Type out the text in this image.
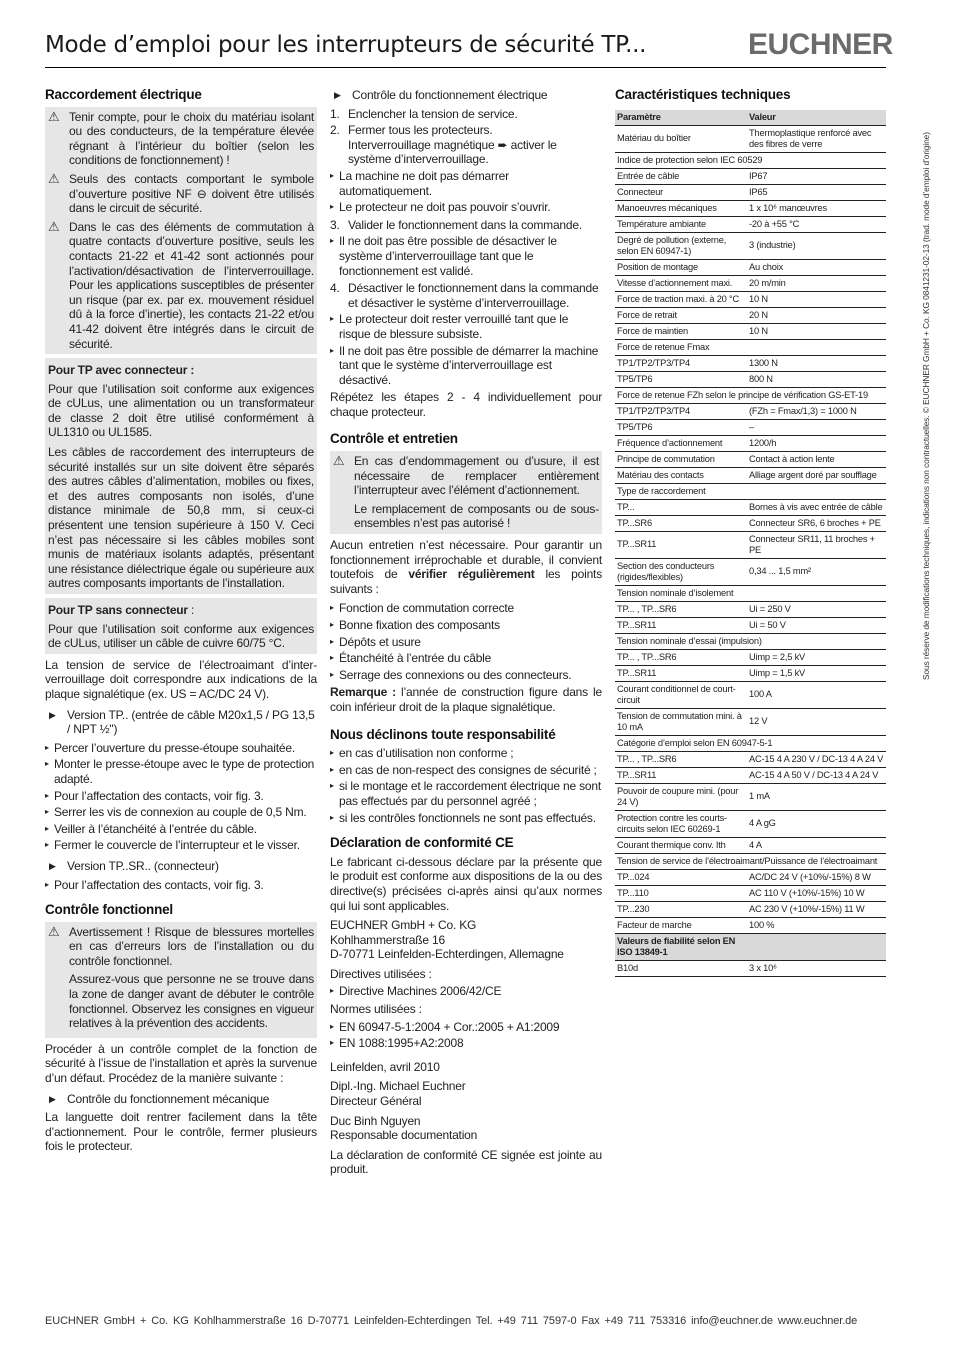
Mode d’emploi pour les interrupteurs de sécurité TP...	EUCHNER
Raccordement électrique
⚠ Tenir compte, pour le choix du matériau isolant ou des conducteurs, de la température élevée régnant à l’intérieur du boîtier (selon les conditions de fonctionnement) !
⚠ Seuls des contacts comportant le symbole d’ouverture positive NF ⊖ doivent être utilisés dans le circuit de sécurité.
⚠ Dans le cas des éléments de commutation à quatre contacts d’ouverture positive, seuls les contacts 21-22 et 41-42 sont actionnés pour l’activation/désactivation de l’interverrouillage. Pour les applications susceptibles de présenter un risque (par ex. par ex. mouvement résiduel dû à la force d’inertie), les contacts 21-22 et/ou 41-42 doivent être intégrés dans le circuit de sécurité.
Pour TP avec connecteur :

Pour que l’utilisation soit conforme aux exigences de cULus, une alimentation ou un transformateur de classe 2 doit être utilisé conformément à UL1310 ou UL1585.

Les câbles de raccordement des interrupteurs de sécurité installés sur un site doivent être séparés des autres câbles d’alimentation, mobiles ou fixes, et des autres composants non isolés, d’une distance minimale de 50,8 mm, si ceux-ci présentent une tension supérieure à 150 V. Ceci n’est pas nécessaire si les câbles mobiles sont munis de matériaux isolants adaptés, présentant une résistance diélectrique égale ou supérieure aux autres composants importants de l’installation.

Pour TP sans connecteur :

Pour que l’utilisation soit conforme aux exigences de cULus, utiliser un câble de cuivre 60/75 °C.

La tension de service de l’électroaimant d’inter-verrouillage doit correspondre aux indications de la plaque signalétique (ex. US = AC/DC 24 V).

▶ Version TP.. (entrée de câble M20x1,5 / PG 13,5 / NPT ½")
▸ Percer l’ouverture du presse-étoupe souhaitée.
▸ Monter le presse-étoupe avec le type de protection adapté.
▸ Pour l’affectation des contacts, voir fig. 3.
▸ Serrer les vis de connexion au couple de 0,5 Nm.
▸ Veiller à l’étanchéité à l’entrée du câble.
▸ Fermer le couvercle de l’interrupteur et le visser.
▶ Version TP..SR.. (connecteur)
▸ Pour l’affectation des contacts, voir fig. 3.
Contrôle fonctionnel
⚠ Avertissement ! Risque de blessures mortelles en cas d’erreurs lors de l’installation ou du contrôle fonctionnel.
Assurez-vous que personne ne se trouve dans la zone de danger avant de débuter le contrôle fonctionnel. Observez les consignes en vigueur relatives à la prévention des accidents.

Procéder à un contrôle complet de la fonction de sécurité à l’issue de l’installation et après la survenue d’un défaut. Procédez de la manière suivante :

▶ Contrôle du fonctionnement mécanique

La languette doit rentrer facilement dans la tête d’actionnement. Pour le contrôle, fermer plusieurs fois le protecteur.

▶ Contrôle du fonctionnement électrique
1. Enclencher la tension de service.
2. Fermer tous les protecteurs.
Interverrouillage magnétique ➨ activer le système d’interverrouillage.
▸ La machine ne doit pas démarrer automatiquement.
▸ Le protecteur ne doit pas pouvoir s’ouvrir.
3. Valider le fonctionnement dans la commande.
▸ Il ne doit pas être possible de désactiver le système d’interverrouillage tant que le fonctionnement est validé.
4. Désactiver le fonctionnement dans la commande et désactiver le système d’interverrouillage.
▸ Le protecteur doit rester verrouillé tant que le risque de blessure subsiste.
▸ Il ne doit pas être possible de démarrer la machine tant que le système d’interverrouillage est désactivé.

Répétez les étapes 2 - 4 individuellement pour chaque protecteur.

Contrôle et entretien
⚠ En cas d’endommagement ou d’usure, il est nécessaire de remplacer entièrement l’interrupteur avec l’élément d’actionnement.
Le remplacement de composants ou de sous-ensembles n’est pas autorisé !

Aucun entretien n’est nécessaire. Pour garantir un fonctionnement irréprochable et durable, il convient toutefois de vérifier régulièrement les points suivants :

▸ Fonction de commutation correcte
▸ Bonne fixation des composants
▸ Dépôts et usure
▸ Étanchéité à l’entrée du câble
▸ Serrage des connexions ou des connecteurs.

Remarque : l’année de construction figure dans le coin inférieur droit de la plaque signalétique.

Nous déclinons toute responsabilité
▸ en cas d’utilisation non conforme ;
▸ en cas de non-respect des consignes de sécurité ;
▸ si le montage et le raccordement électrique ne sont pas effectués par du personnel agréé ;
▸ si les contrôles fonctionnels ne sont pas effectués.
Déclaration de conformité CE

Le fabricant ci-dessous déclare par la présente que le produit est conforme aux dispositions de la ou des directive(s) précisées ci-après ainsi qu’aux normes qui lui sont applicables.

EUCHNER GmbH + Co. KG
Kohlhammerstraße 16
D-70771 Leinfelden-Echterdingen, Allemagne
Directives utilisées :
▸ Directive Machines 2006/42/CE
Normes utilisées :
▸ EN 60947-5-1:2004 + Cor.:2005 + A1:2009
▸ EN 1088:1995+A2:2008
Leinfelden, avril 2010
Dipl.-Ing. Michael Euchner
Directeur Général
Duc Binh Nguyen
Responsable documentation

La déclaration de conformité CE signée est jointe au produit.

Caractéristiques techniques
Paramètre	Valeur
Matériau du boîtier	Thermoplastique renforcé avec des fibres de verre
Indice de protection selon IEC 60529	
Entrée de câble	IP67
Connecteur	IP65
Manoeuvres mécaniques	1 x 10⁶ manœuvres
Température ambiante	-20 à +55 °C
Degré de pollution (externe, selon EN 60947-1)	3 (industrie)
Position de montage	Au choix
Vitesse d’actionnement maxi.	20 m/min
Force de traction maxi. à 20 °C	10 N
Force de retrait	20 N
Force de maintien	10 N
Force de retenue Fmax	
TP1/TP2/TP3/TP4	1300 N
TP5/TP6	800 N
Force de retenue FZh selon le principe de vérification GS-ET-19	
TP1/TP2/TP3/TP4	(FZh = Fmax/1,3) = 1000 N
TP5/TP6	–
Fréquence d’actionnement	1200/h
Principe de commutation	Contact à action lente
Matériau des contacts	Alliage argent doré par soufflage
Type de raccordement	
TP...	Bornes à vis avec entrée de câble
TP...SR6	Connecteur SR6, 6 broches + PE
TP...SR11	Connecteur SR11, 11 broches + PE
Section des conducteurs (rigides/flexibles)	0,34 ... 1,5 mm²
Tension nominale d’isolement	
TP... , TP...SR6	Ui = 250 V
TP...SR11	Ui = 50 V
Tension nominale d’essai (impulsion)	
TP... , TP...SR6	Uimp = 2,5 kV
TP...SR11	Uimp = 1,5 kV
Courant conditionnel de court-circuit	100 A
Tension de commutation mini. à 10 mA	12 V
Catégorie d’emploi selon EN 60947-5-1	
TP... , TP...SR6	AC-15 4 A 230 V / DC-13 4 A 24 V
TP...SR11	AC-15 4 A 50 V / DC-13 4 A 24 V
Pouvoir de coupure mini. (pour 24 V)	1 mA
Protection contre les courts-circuits selon IEC 60269-1	4 A gG
Courant thermique conv. Ith	4 A
Tension de service de l’électroaimant/Puissance de l’électroaimant	
TP...024	AC/DC 24 V (+10%/-15%) 8 W
TP...110	AC 110 V (+10%/-15%) 10 W
TP...230	AC 230 V (+10%/-15%) 11 W
Facteur de marche	100 %
Valeurs de fiabilité selon EN ISO 13849-1	
B10d	3 x 10⁶
Sous réserve de modifications techniques, indications non contractuelles. © EUCHNER GmbH + Co. KG 0841231-02-13 (trad. mode d’emploi d’origine)
EUCHNER GmbH + Co. KG Kohlhammerstraße 16 D-70771 Leinfelden-Echterdingen Tel. +49 711 7597-0 Fax +49 711 753316 info@euchner.de www.euchner.de
